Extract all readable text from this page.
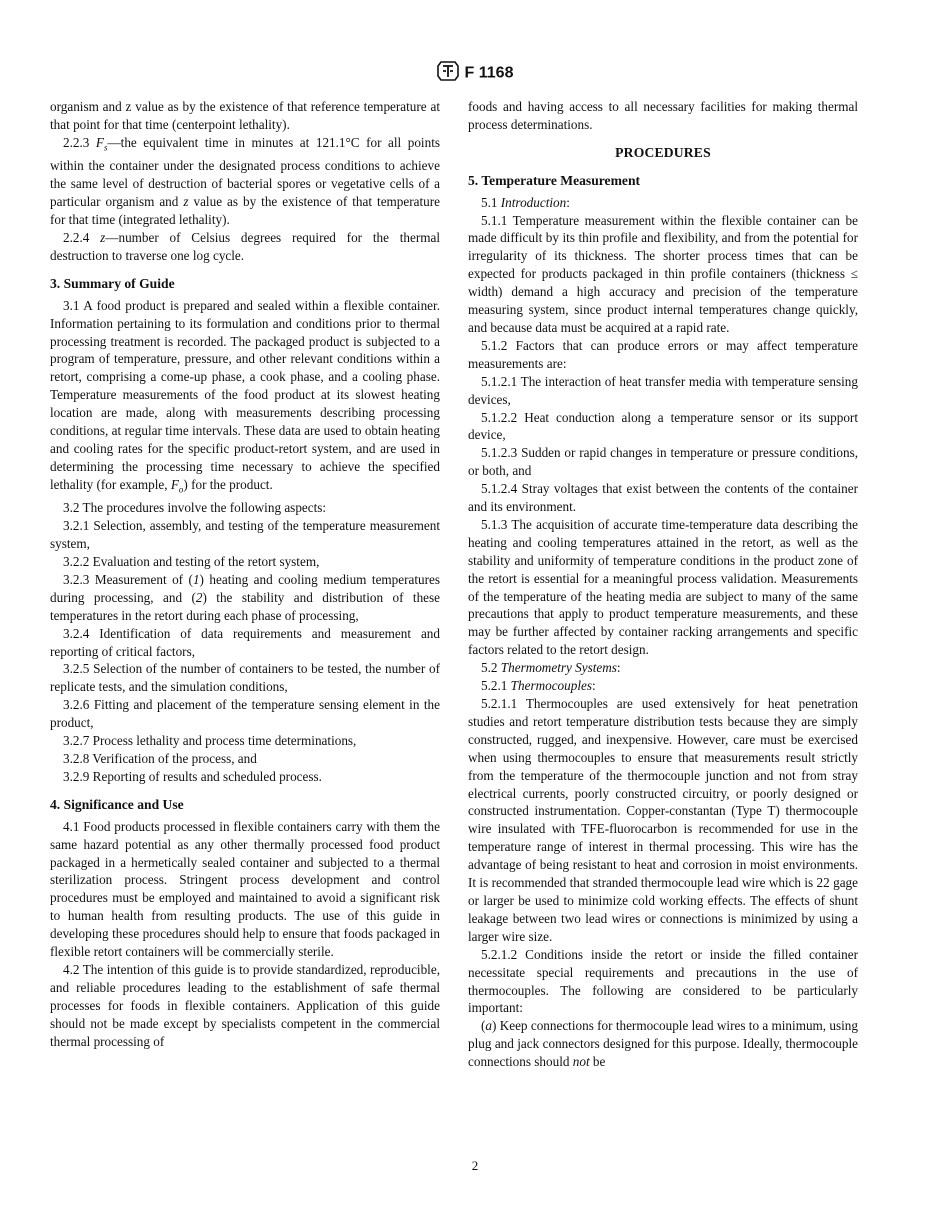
F 1168

organism and z value as by the existence of that reference temperature at that point for that time (centerpoint lethality).

2.2.3 $F_s—the$ equivalent time in minutes at 121.1°C for all points within the container under the designated process conditions to achieve the same level of destruction of bacterial spores or vegetative cells of a particular organism and z value as by the existence of that temperature for that time (integrated lethality).

2.2.4 z—number of Celsius degrees required for the thermal destruction to traverse one log cycle.

3. Summary of Guide

3.1 A food product is prepared and sealed within a flexible container. Information pertaining to its formulation and conditions prior to thermal processing treatment is recorded. The packaged product is subjected to a program of temperature, pressure, and other relevant conditions within a retort, comprising a come-up phase, a cook phase, and a cooling phase. Temperature measurements of the food product at its slowest heating location are made, along with measurements describing processing conditions, at regular time intervals. These data are used to obtain heating and cooling rates for the specific product-retort system, and are used in determining the processing time necessary to achieve the specified lethality (for example, $F_o$) for the product.

3.2 The procedures involve the following aspects:

3.2.1 Selection, assembly, and testing of the temperature measurement system,

3.2.2 Evaluation and testing of the retort system,

3.2.3 Measurement of (1) heating and cooling medium temperatures during processing, and (2) the stability and distribution of these temperatures in the retort during each phase of processing,

3.2.4 Identification of data requirements and measurement and reporting of critical factors,

3.2.5 Selection of the number of containers to be tested, the number of replicate tests, and the simulation conditions,

3.2.6 Fitting and placement of the temperature sensing element in the product,

3.2.7 Process lethality and process time determinations,

3.2.8 Verification of the process, and

3.2.9 Reporting of results and scheduled process.

4. Significance and Use

4.1 Food products processed in flexible containers carry with them the same hazard potential as any other thermally processed food product packaged in a hermetically sealed container and subjected to a thermal sterilization process. Stringent process development and control procedures must be employed and maintained to avoid a significant risk to human health from resulting products. The use of this guide in developing these procedures should help to ensure that foods packaged in flexible retort containers will be commercially sterile.

4.2 The intention of this guide is to provide standardized, reproducible, and reliable procedures leading to the establishment of safe thermal processes for foods in flexible containers. Application of this guide should not be made except by specialists competent in the commercial thermal processing of

foods and having access to all necessary facilities for making thermal process determinations.

PROCEDURES
5. Temperature Measurement

5.1 Introduction:

5.1.1 Temperature measurement within the flexible container can be made difficult by its thin profile and flexibility, and from the potential for irregularity of its thickness. The shorter process times that can be expected for products packaged in thin profile containers (thickness ≤ width) demand a high accuracy and precision of the temperature measuring system, since product internal temperatures change quickly, and because data must be acquired at a rapid rate.

5.1.2 Factors that can produce errors or may affect temperature measurements are:

5.1.2.1 The interaction of heat transfer media with temperature sensing devices,

5.1.2.2 Heat conduction along a temperature sensor or its support device,

5.1.2.3 Sudden or rapid changes in temperature or pressure conditions, or both, and

5.1.2.4 Stray voltages that exist between the contents of the container and its environment.

5.1.3 The acquisition of accurate time-temperature data describing the heating and cooling temperatures attained in the retort, as well as the stability and uniformity of temperature conditions in the product zone of the retort is essential for a meaningful process validation. Measurements of the temperature of the heating media are subject to many of the same precautions that apply to product temperature measurements, and these may be further affected by container racking arrangements and specific factors related to the retort design.

5.2 Thermometry Systems:

5.2.1 Thermocouples:

5.2.1.1 Thermocouples are used extensively for heat penetration studies and retort temperature distribution tests because they are simply constructed, rugged, and inexpensive. However, care must be exercised when using thermocouples to ensure that measurements result strictly from the temperature of the thermocouple junction and not from stray electrical currents, poorly constructed circuitry, or poorly designed or constructed instrumentation. Copper-constantan (Type T) thermocouple wire insulated with TFE-fluorocarbon is recommended for use in the temperature range of interest in thermal processing. This wire has the advantage of being resistant to heat and corrosion in moist environments. It is recommended that stranded thermocouple lead wire which is 22 gage or larger be used to minimize cold working effects. The effects of shunt leakage between two lead wires or connections is minimized by using a larger wire size.

5.2.1.2 Conditions inside the retort or inside the filled container necessitate special requirements and precautions in the use of thermocouples. The following are considered to be particularly important:

(a) Keep connections for thermocouple lead wires to a minimum, using plug and jack connectors designed for this purpose. Ideally, thermocouple connections should not be

2
